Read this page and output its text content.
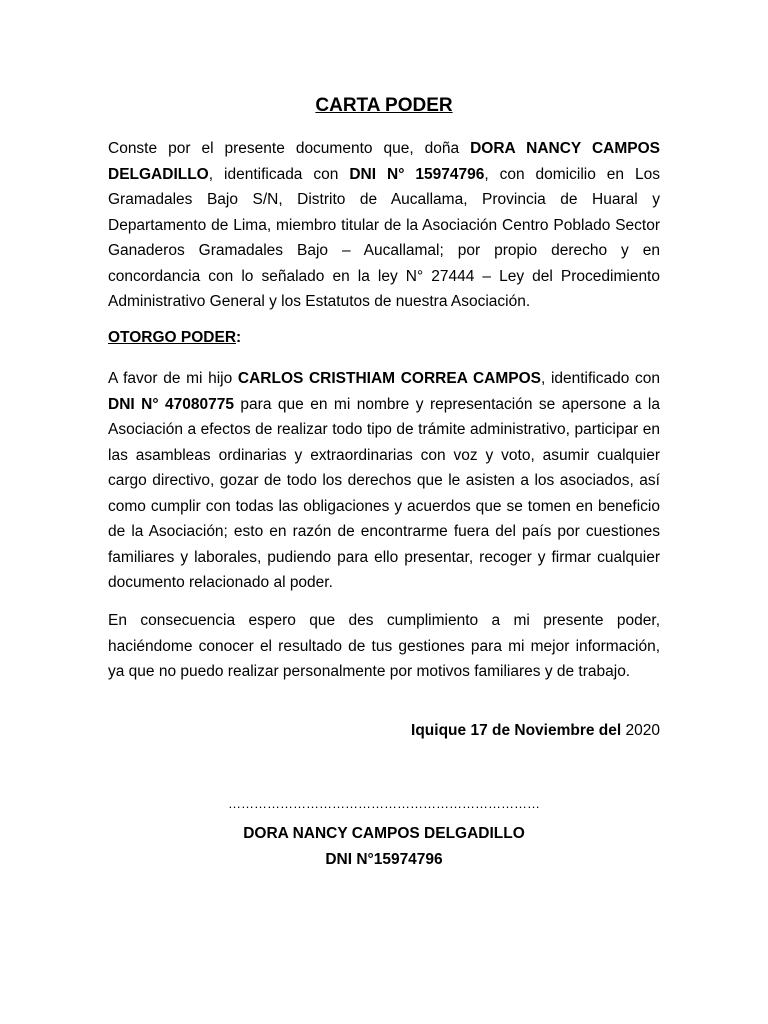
CARTA PODER

Conste por el presente documento que, doña DORA NANCY CAMPOS DELGADILLO, identificada con DNI N° 15974796, con domicilio en Los Gramadales Bajo S/N, Distrito de Aucallama, Provincia de Huaral y Departamento de Lima, miembro titular de la Asociación Centro Poblado Sector Ganaderos Gramadales Bajo – Aucallamal; por propio derecho y en concordancia con lo señalado en la ley N° 27444 – Ley del Procedimiento Administrativo General y los Estatutos de nuestra Asociación.

OTORGO PODER:

A favor de mi hijo CARLOS CRISTHIAM CORREA CAMPOS, identificado con DNI N° 47080775 para que en mi nombre y representación se apersone a la Asociación a efectos de realizar todo tipo de trámite administrativo, participar en las asambleas ordinarias y extraordinarias con voz y voto, asumir cualquier cargo directivo, gozar de todo los derechos que le asisten a los asociados, así como cumplir con todas las obligaciones y acuerdos que se tomen en beneficio de la Asociación; esto en razón de encontrarme fuera del país por cuestiones familiares y laborales, pudiendo para ello presentar, recoger y firmar cualquier documento relacionado al poder.

En consecuencia espero que des cumplimiento a mi presente poder, haciéndome conocer el resultado de tus gestiones para mi mejor información, ya que no puedo realizar personalmente por motivos familiares y de trabajo.

Iquique 17 de Noviembre del 2020
………………………………………………………………
DORA NANCY CAMPOS DELGADILLO
DNI N°15974796
